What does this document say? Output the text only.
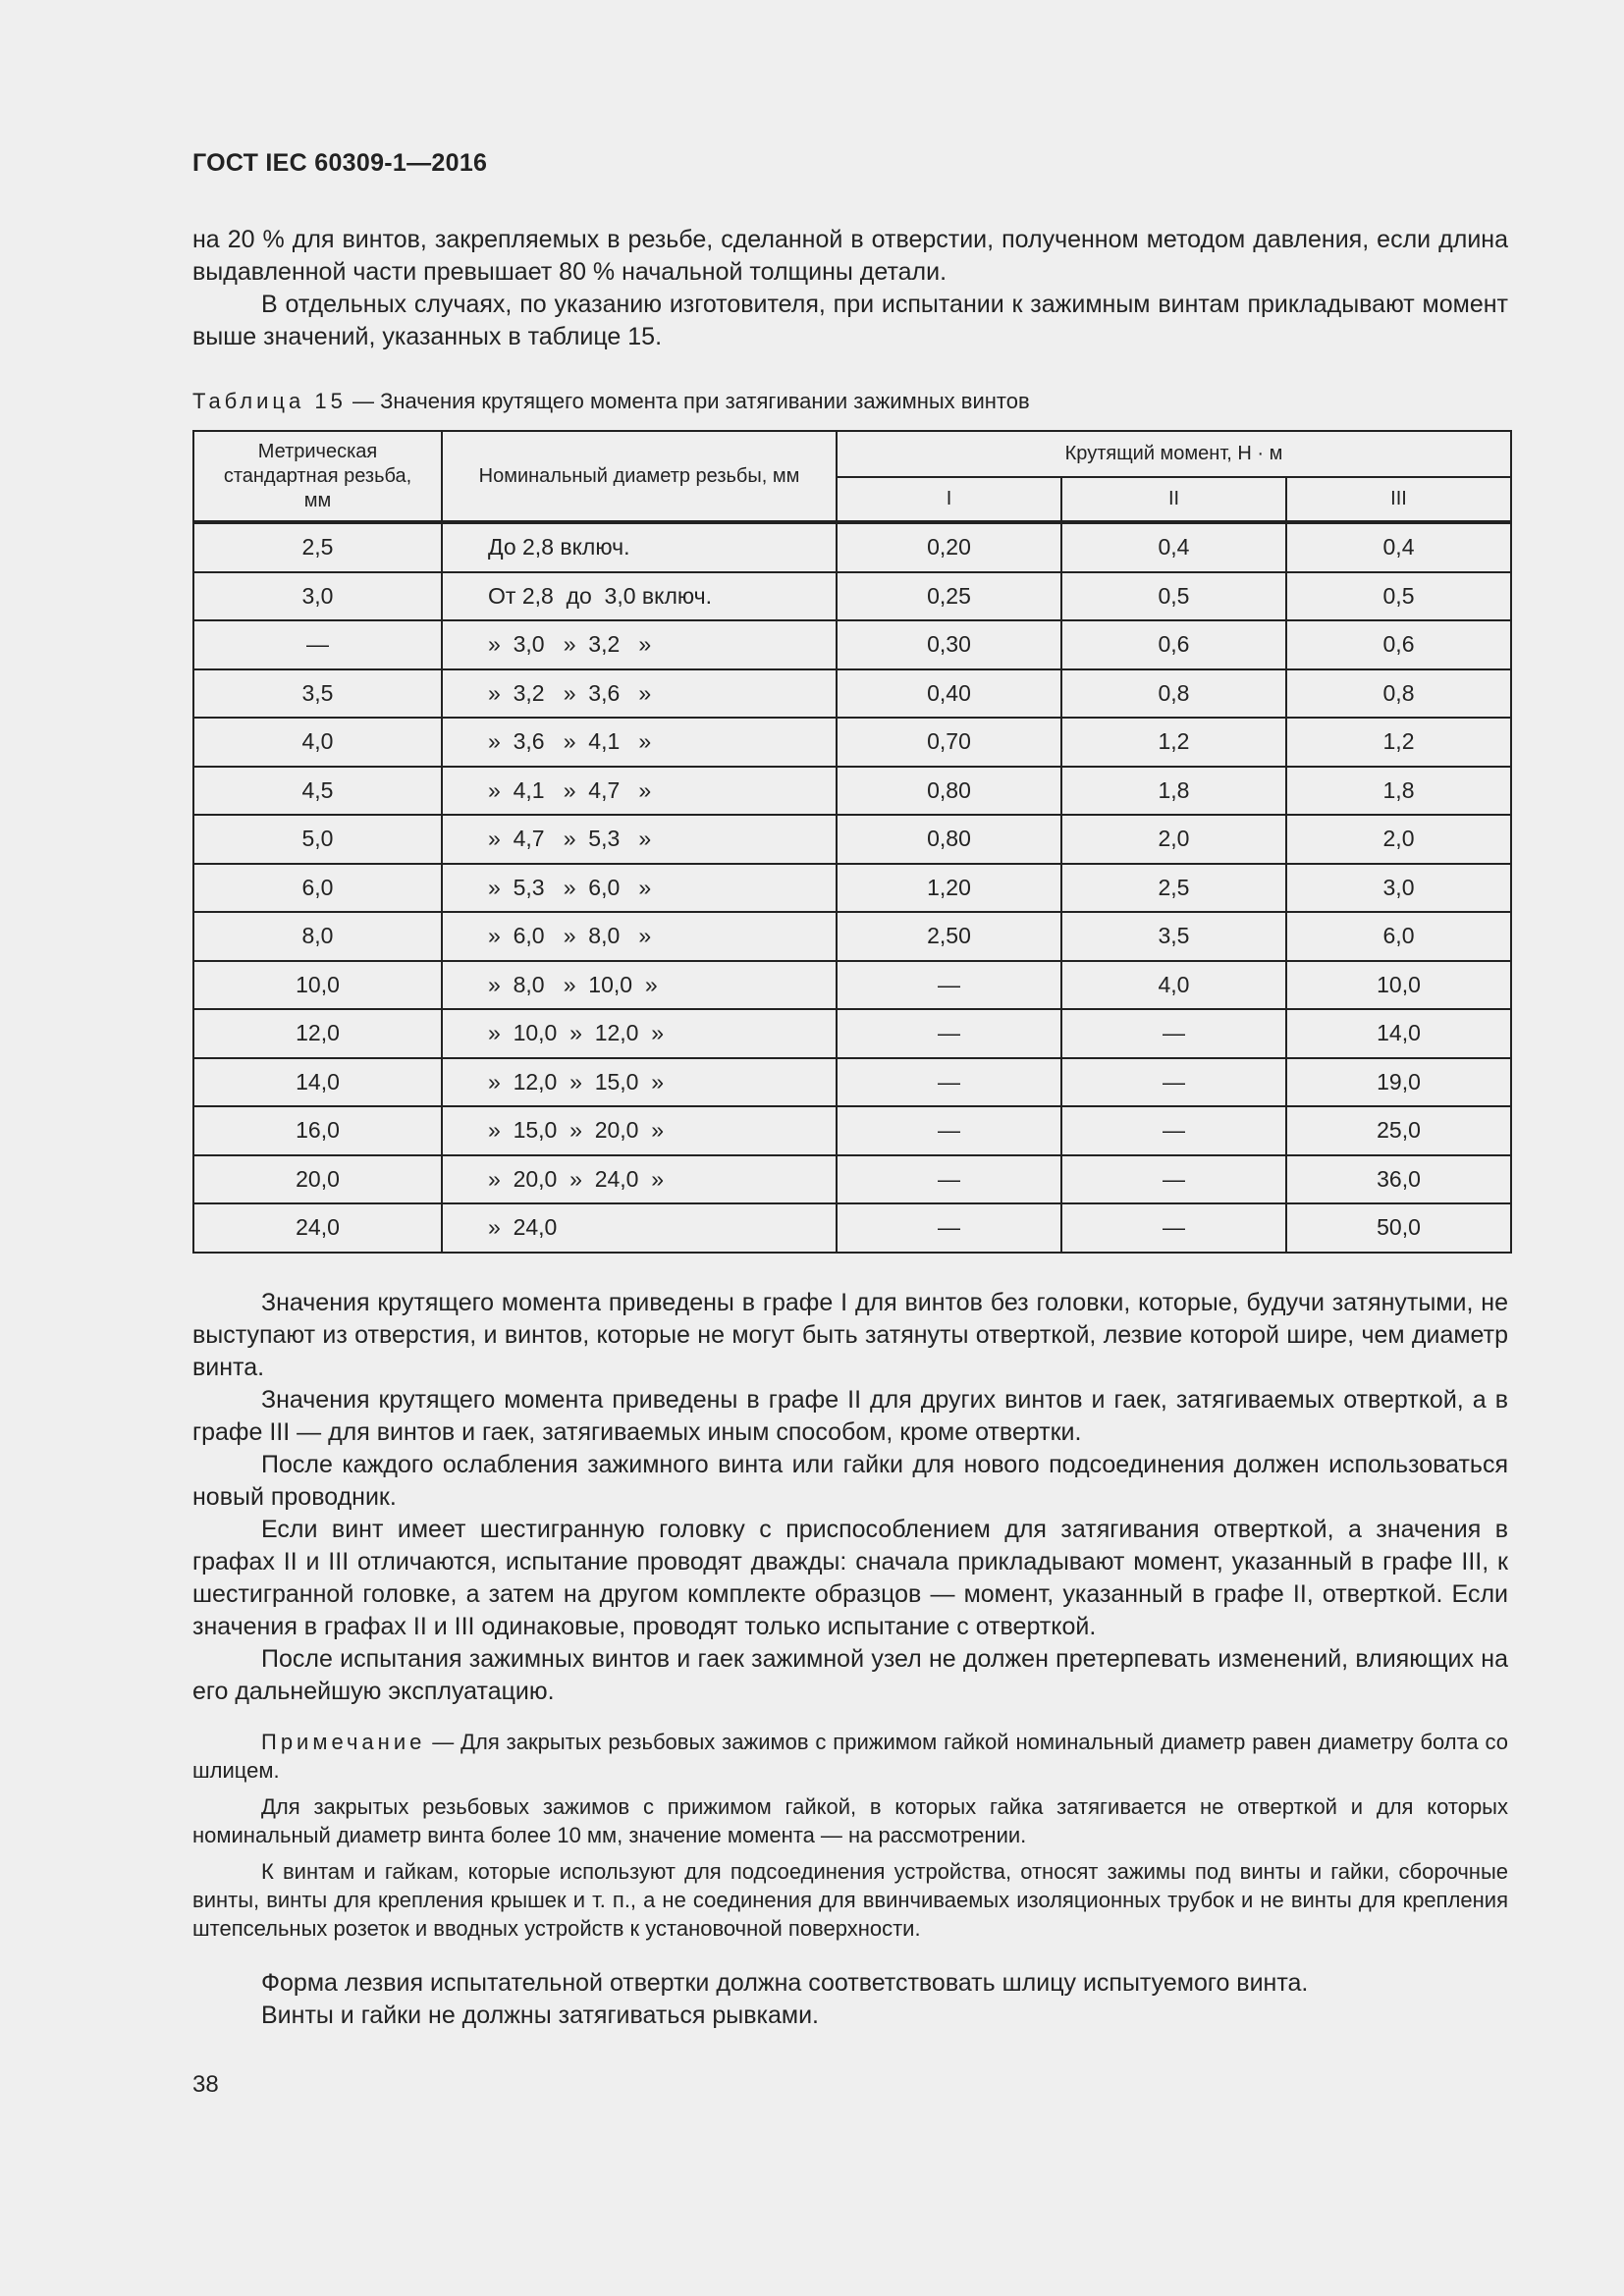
ГОСТ IEC 60309-1—2016

на 20 % для винтов, закрепляемых в резьбе, сделанной в отверстии, полученном методом давления, если длина выдавленной части превышает 80 % начальной толщины детали.

В отдельных случаях, по указанию изготовителя, при испытании к зажимным винтам прикладывают момент выше значений, указанных в таблице 15.

Таблица 15 — Значения крутящего момента при затягивании зажимных винтов
Метрическая стандартная резьба, мм	Номинальный диаметр резьбы, мм	Крутящий момент, Н · м		
		I	II	III
2,5	До 2,8 включ.	0,20	0,4	0,4
3,0	От 2,8  до  3,0 включ.	0,25	0,5	0,5
—	»  3,0   »  3,2   »	0,30	0,6	0,6
3,5	»  3,2   »  3,6   »	0,40	0,8	0,8
4,0	»  3,6   »  4,1   »	0,70	1,2	1,2
4,5	»  4,1   »  4,7   »	0,80	1,8	1,8
5,0	»  4,7   »  5,3   »	0,80	2,0	2,0
6,0	»  5,3   »  6,0   »	1,20	2,5	3,0
8,0	»  6,0   »  8,0   »	2,50	3,5	6,0
10,0	»  8,0   »  10,0  »	—	4,0	10,0
12,0	»  10,0  »  12,0  »	—	—	14,0
14,0	»  12,0  »  15,0  »	—	—	19,0
16,0	»  15,0  »  20,0  »	—	—	25,0
20,0	»  20,0  »  24,0  »	—	—	36,0
24,0	»  24,0	—	—	50,0

Значения крутящего момента приведены в графе I для винтов без головки, которые, будучи затянутыми, не выступают из отверстия, и винтов, которые не могут быть затянуты отверткой, лезвие которой шире, чем диаметр винта.

Значения крутящего момента приведены в графе II для других винтов и гаек, затягиваемых отверткой, а в графе III — для винтов и гаек, затягиваемых иным способом, кроме отвертки.

После каждого ослабления зажимного винта или гайки для нового подсоединения должен использоваться новый проводник.

Если винт имеет шестигранную головку с приспособлением для затягивания отверткой, а значения в графах II и III отличаются, испытание проводят дважды: сначала прикладывают момент, указанный в графе III, к шестигранной головке, а затем на другом комплекте образцов — момент, указанный в графе II, отверткой. Если значения в графах II и III одинаковые, проводят только испытание с отверткой.

После испытания зажимных винтов и гаек зажимной узел не должен претерпевать изменений, влияющих на его дальнейшую эксплуатацию.

Примечание — Для закрытых резьбовых зажимов с прижимом гайкой номинальный диаметр равен диаметру болта со шлицем.

Для закрытых резьбовых зажимов с прижимом гайкой, в которых гайка затягивается не отверткой и для которых номинальный диаметр винта более 10 мм, значение момента — на рассмотрении.

К винтам и гайкам, которые используют для подсоединения устройства, относят зажимы под винты и гайки, сборочные винты, винты для крепления крышек и т. п., а не соединения для ввинчиваемых изоляционных трубок и не винты для крепления штепсельных розеток и вводных устройств к установочной поверхности.

Форма лезвия испытательной отвертки должна соответствовать шлицу испытуемого винта.

Винты и гайки не должны затягиваться рывками.

38
